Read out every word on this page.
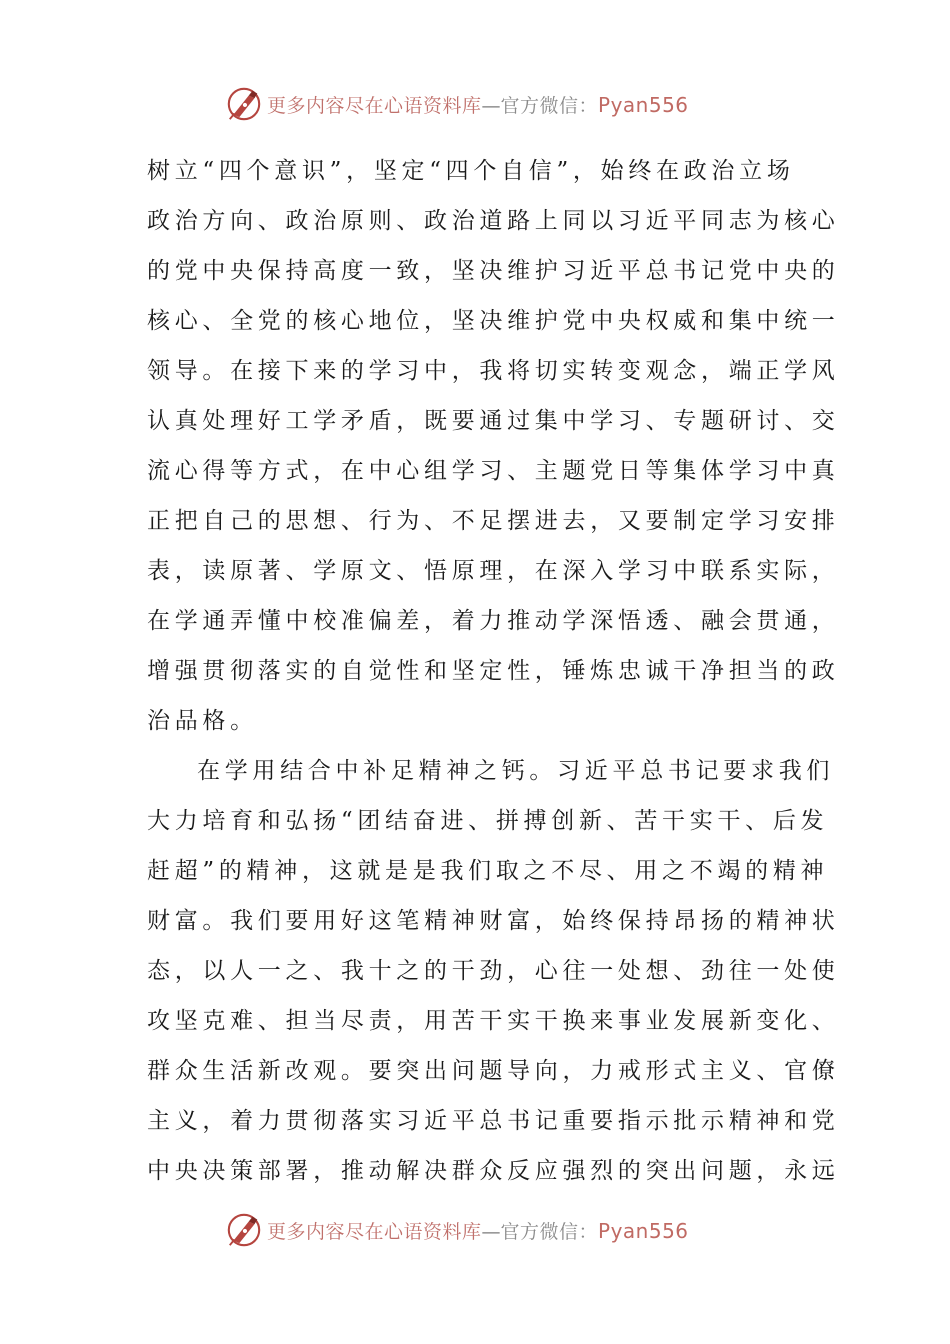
更多内容尽在心语资料库—官方微信：Pyan556
树立“四个意识”，坚定“四个自信”，始终在政治立场
政治方向、政治原则、政治道路上同以习近平同志为核心
的党中央保持高度一致，坚决维护习近平总书记党中央的
核心、全党的核心地位，坚决维护党中央权威和集中统一
领导。在接下来的学习中，我将切实转变观念，端正学风
认真处理好工学矛盾，既要通过集中学习、专题研讨、交
流心得等方式，在中心组学习、主题党日等集体学习中真
正把自己的思想、行为、不足摆进去，又要制定学习安排
表，读原著、学原文、悟原理，在深入学习中联系实际，
在学通弄懂中校准偏差，着力推动学深悟透、融会贯通，
增强贯彻落实的自觉性和坚定性，锤炼忠诚干净担当的政
治品格。
在学用结合中补足精神之钙。习近平总书记要求我们
大力培育和弘扬“团结奋进、拼搏创新、苦干实干、后发
赶超”的精神，这就是是我们取之不尽、用之不竭的精神
财富。我们要用好这笔精神财富，始终保持昂扬的精神状
态，以人一之、我十之的干劲，心往一处想、劲往一处使
攻坚克难、担当尽责，用苦干实干换来事业发展新变化、
群众生活新改观。要突出问题导向，力戒形式主义、官僚
主义，着力贯彻落实习近平总书记重要指示批示精神和党
中央决策部署，推动解决群众反应强烈的突出问题，永远
更多内容尽在心语资料库—官方微信：Pyan556
